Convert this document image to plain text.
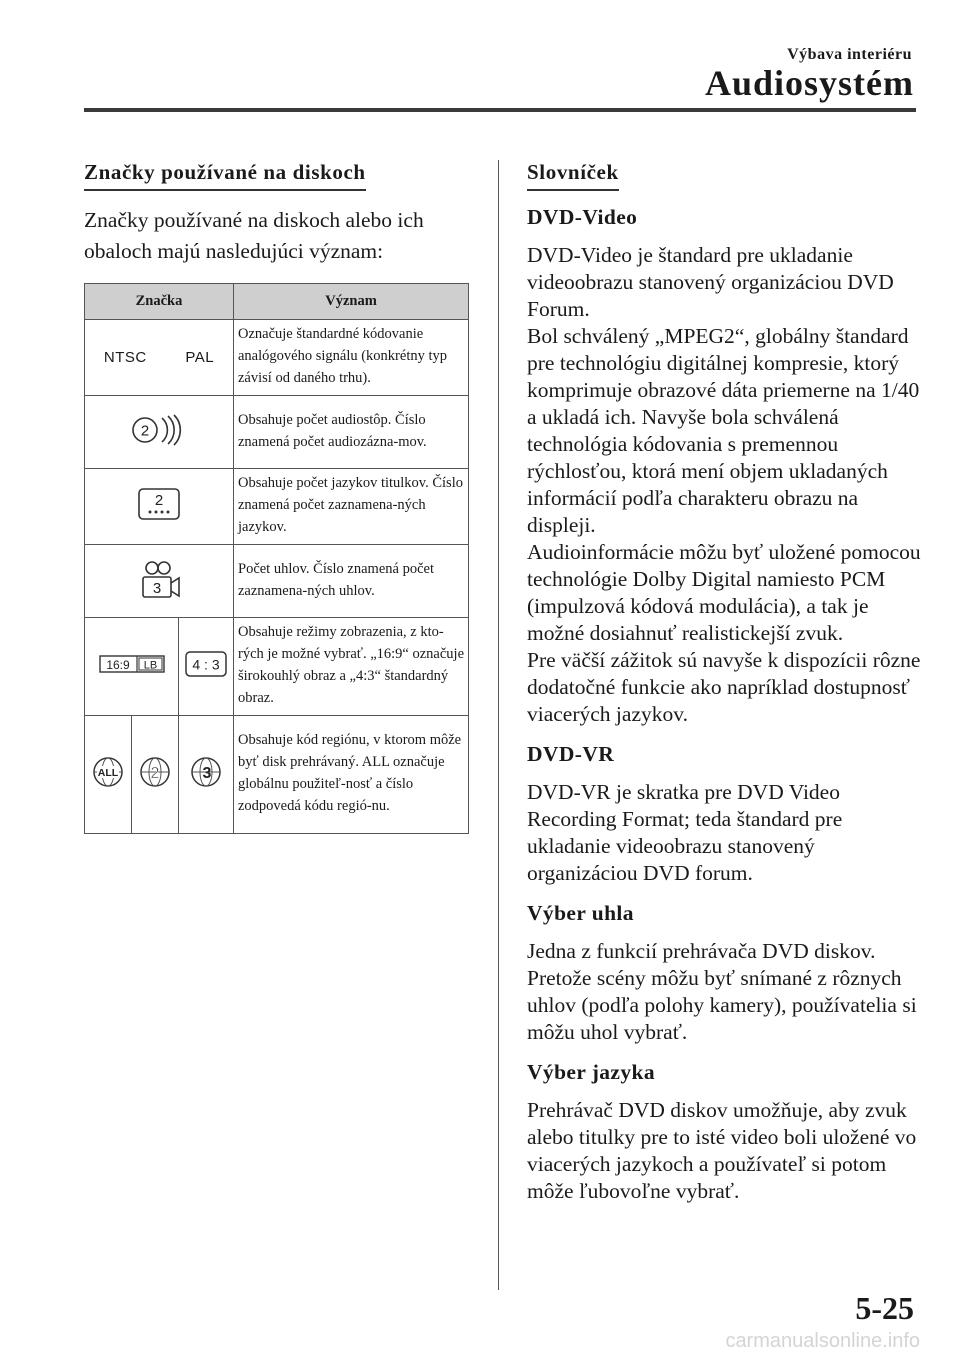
Výbava interiéru
Audiosystém
Značky používané na diskoch
Značky používané na diskoch alebo ich obaloch majú nasledujúci význam:
Značka			Význam
NTSC PAL			Označuje štandardné kódovanie analógového signálu (konkrétny typ závisí od daného trhu).

2			Obsahuje počet audiostôp. Číslo znamená počet audiozázna-mov.

2			Obsahuje počet jazykov titulkov. Číslo znamená počet zaznamena-ných jazykov.

3			Počet uhlov. Číslo znamená počet zaznamena-ných uhlov.

16:9 LB		4 : 3	Obsahuje režimy zobrazenia, z kto-rých je možné vybrať. „16:9“ označuje širokouhlý obraz a „4:3“ štandardný obraz.

ALL	2	3	Obsahuje kód regiónu, v ktorom môže byť disk prehrávaný. ALL označuje globálnu použiteľ-nosť a číslo zodpovedá kódu regió-nu.
Slovníček
DVD-Video
DVD-Video je štandard pre ukladanie videoobrazu stanovený organizáciou DVD Forum.
Bol schválený „MPEG2“, globálny štandard pre technológiu digitálnej kompresie, ktorý komprimuje obrazové dáta priemerne na 1/40 a ukladá ich. Navyše bola schválená technológia kódovania s premennou rýchlosťou, ktorá mení objem ukladaných informácií podľa charakteru obrazu na displeji.
Audioinformácie môžu byť uložené pomocou technológie Dolby Digital namiesto PCM (impulzová kódová modulácia), a tak je možné dosiahnuť realistickejší zvuk.
Pre väčší zážitok sú navyše k dispozícii rôzne dodatočné funkcie ako napríklad dostupnosť viacerých jazykov.
DVD-VR
DVD-VR je skratka pre DVD Video Recording Format; teda štandard pre ukladanie videoobrazu stanovený organizáciou DVD forum.
Výber uhla
Jedna z funkcií prehrávača DVD diskov. Pretože scény môžu byť snímané z rôznych uhlov (podľa polohy kamery), používatelia si môžu uhol vybrať.
Výber jazyka
Prehrávač DVD diskov umožňuje, aby zvuk alebo titulky pre to isté video boli uložené vo viacerých jazykoch a používateľ si potom môže ľubovoľne vybrať.
5-25
carmanualsonline.info
